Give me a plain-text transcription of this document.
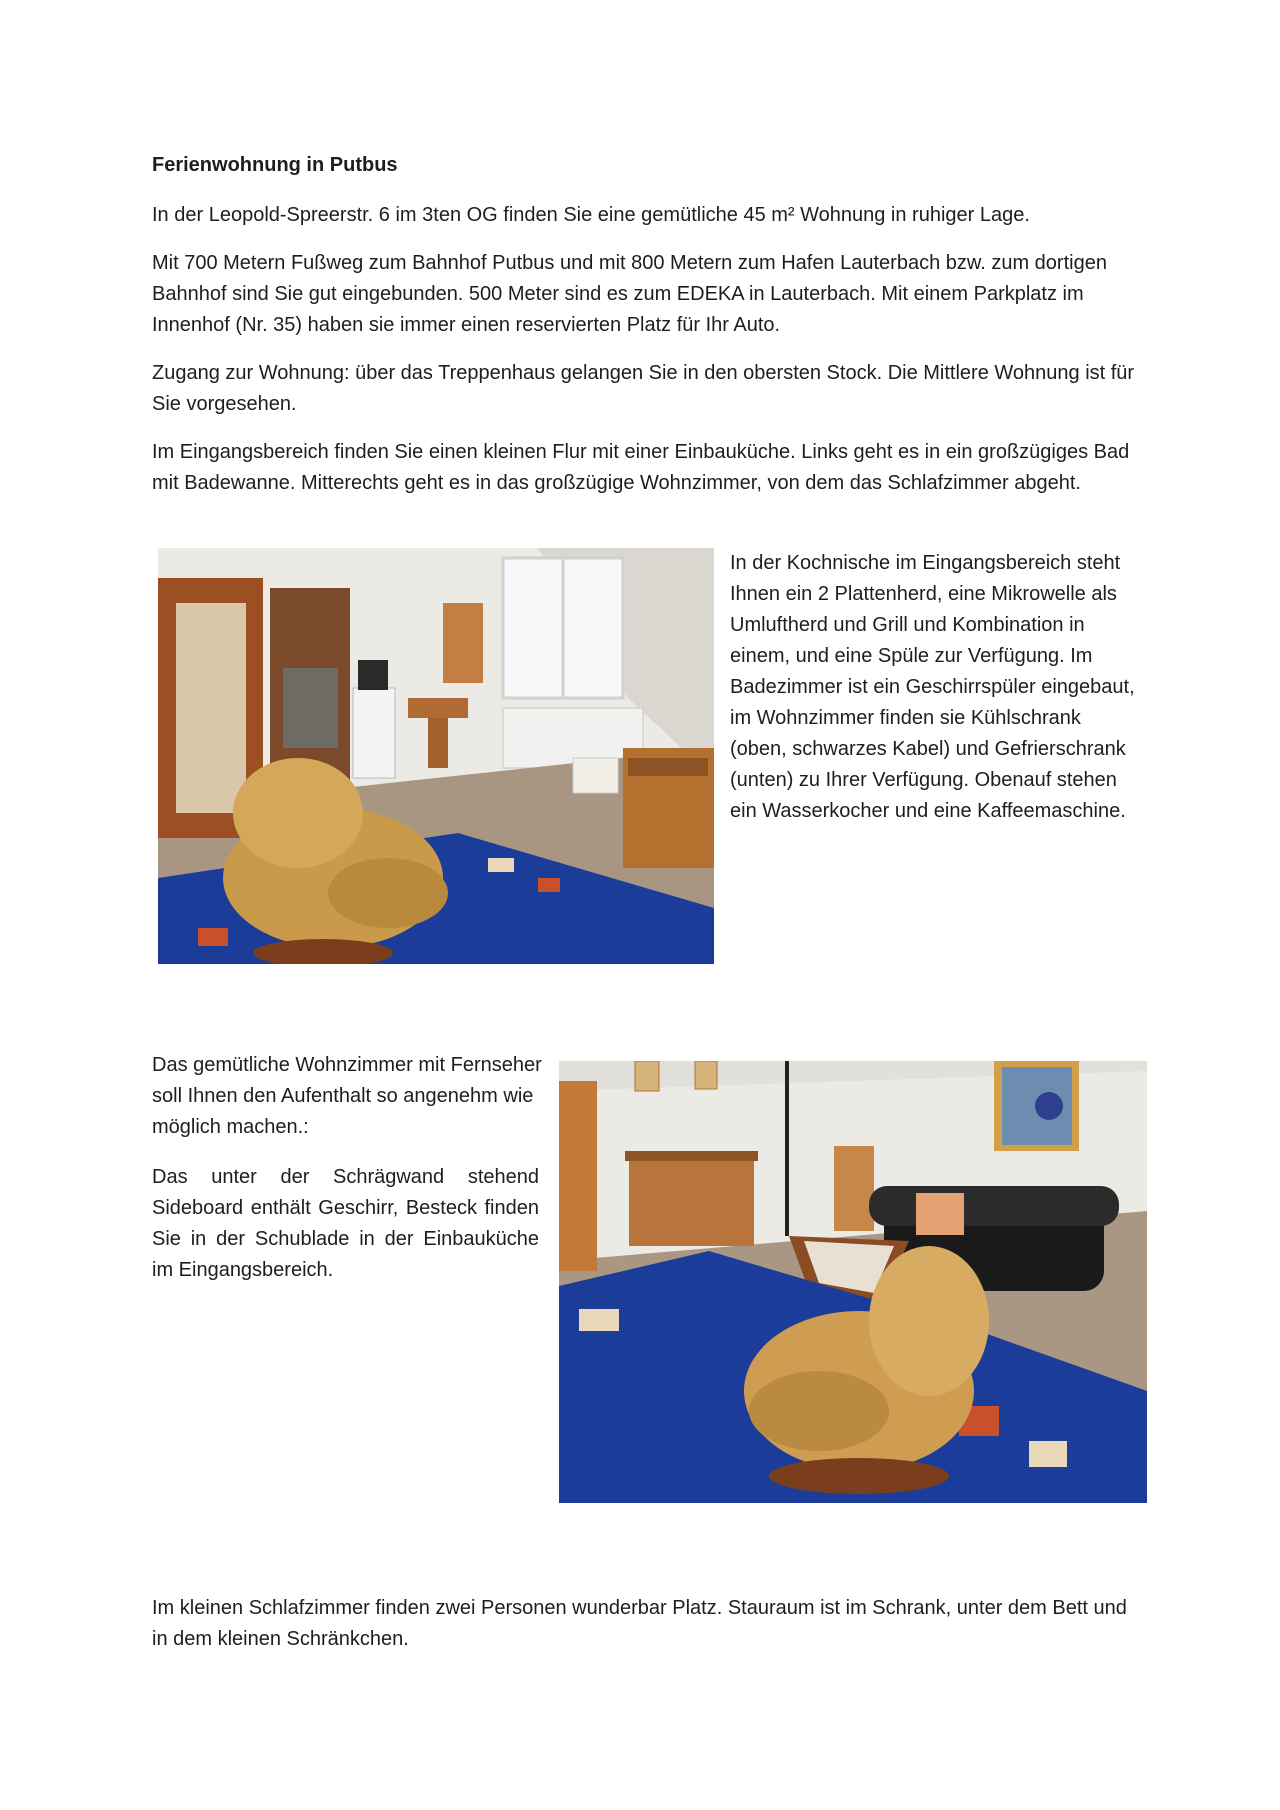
Ferienwohnung in Putbus

In der Leopold-Spreerstr. 6 im 3ten OG finden Sie eine gemütliche 45 m² Wohnung in ruhiger Lage.

Mit 700 Metern Fußweg zum Bahnhof Putbus und mit 800 Metern zum Hafen Lauterbach bzw. zum dortigen Bahnhof sind Sie gut eingebunden. 500 Meter sind es zum EDEKA in Lauterbach. Mit einem Parkplatz im Innenhof (Nr. 35) haben sie immer einen reservierten Platz für Ihr Auto.

Zugang zur Wohnung: über das Treppenhaus gelangen Sie in den obersten Stock. Die Mittlere Wohnung ist für Sie vorgesehen.

Im Eingangsbereich finden Sie einen kleinen Flur mit einer Einbauküche. Links geht es in ein großzügiges Bad mit Badewanne. Mitterechts geht es in das großzügige Wohnzimmer, von dem das Schlafzimmer abgeht.

In der Kochnische im Eingangsbereich steht Ihnen ein 2 Plattenherd, eine Mikrowelle als Umluftherd und Grill und Kombination in einem, und eine Spüle zur Verfügung. Im Badezimmer ist ein Geschirrspüler eingebaut, im Wohnzimmer finden sie Kühlschrank (oben, schwarzes Kabel) und Gefrierschrank (unten) zu Ihrer Verfügung. Obenauf stehen ein Wasserkocher und eine Kaffeemaschine.

Das gemütliche Wohnzimmer mit Fernseher soll Ihnen den Aufenthalt so angenehm wie möglich machen.:

Das unter der Schrägwand stehend Sideboard enthält Geschirr, Besteck finden Sie in der Schublade in der Einbauküche im Eingangsbereich.

Im kleinen Schlafzimmer finden zwei Personen wunderbar Platz. Stauraum ist im Schrank, unter dem Bett und in dem kleinen Schränkchen.
